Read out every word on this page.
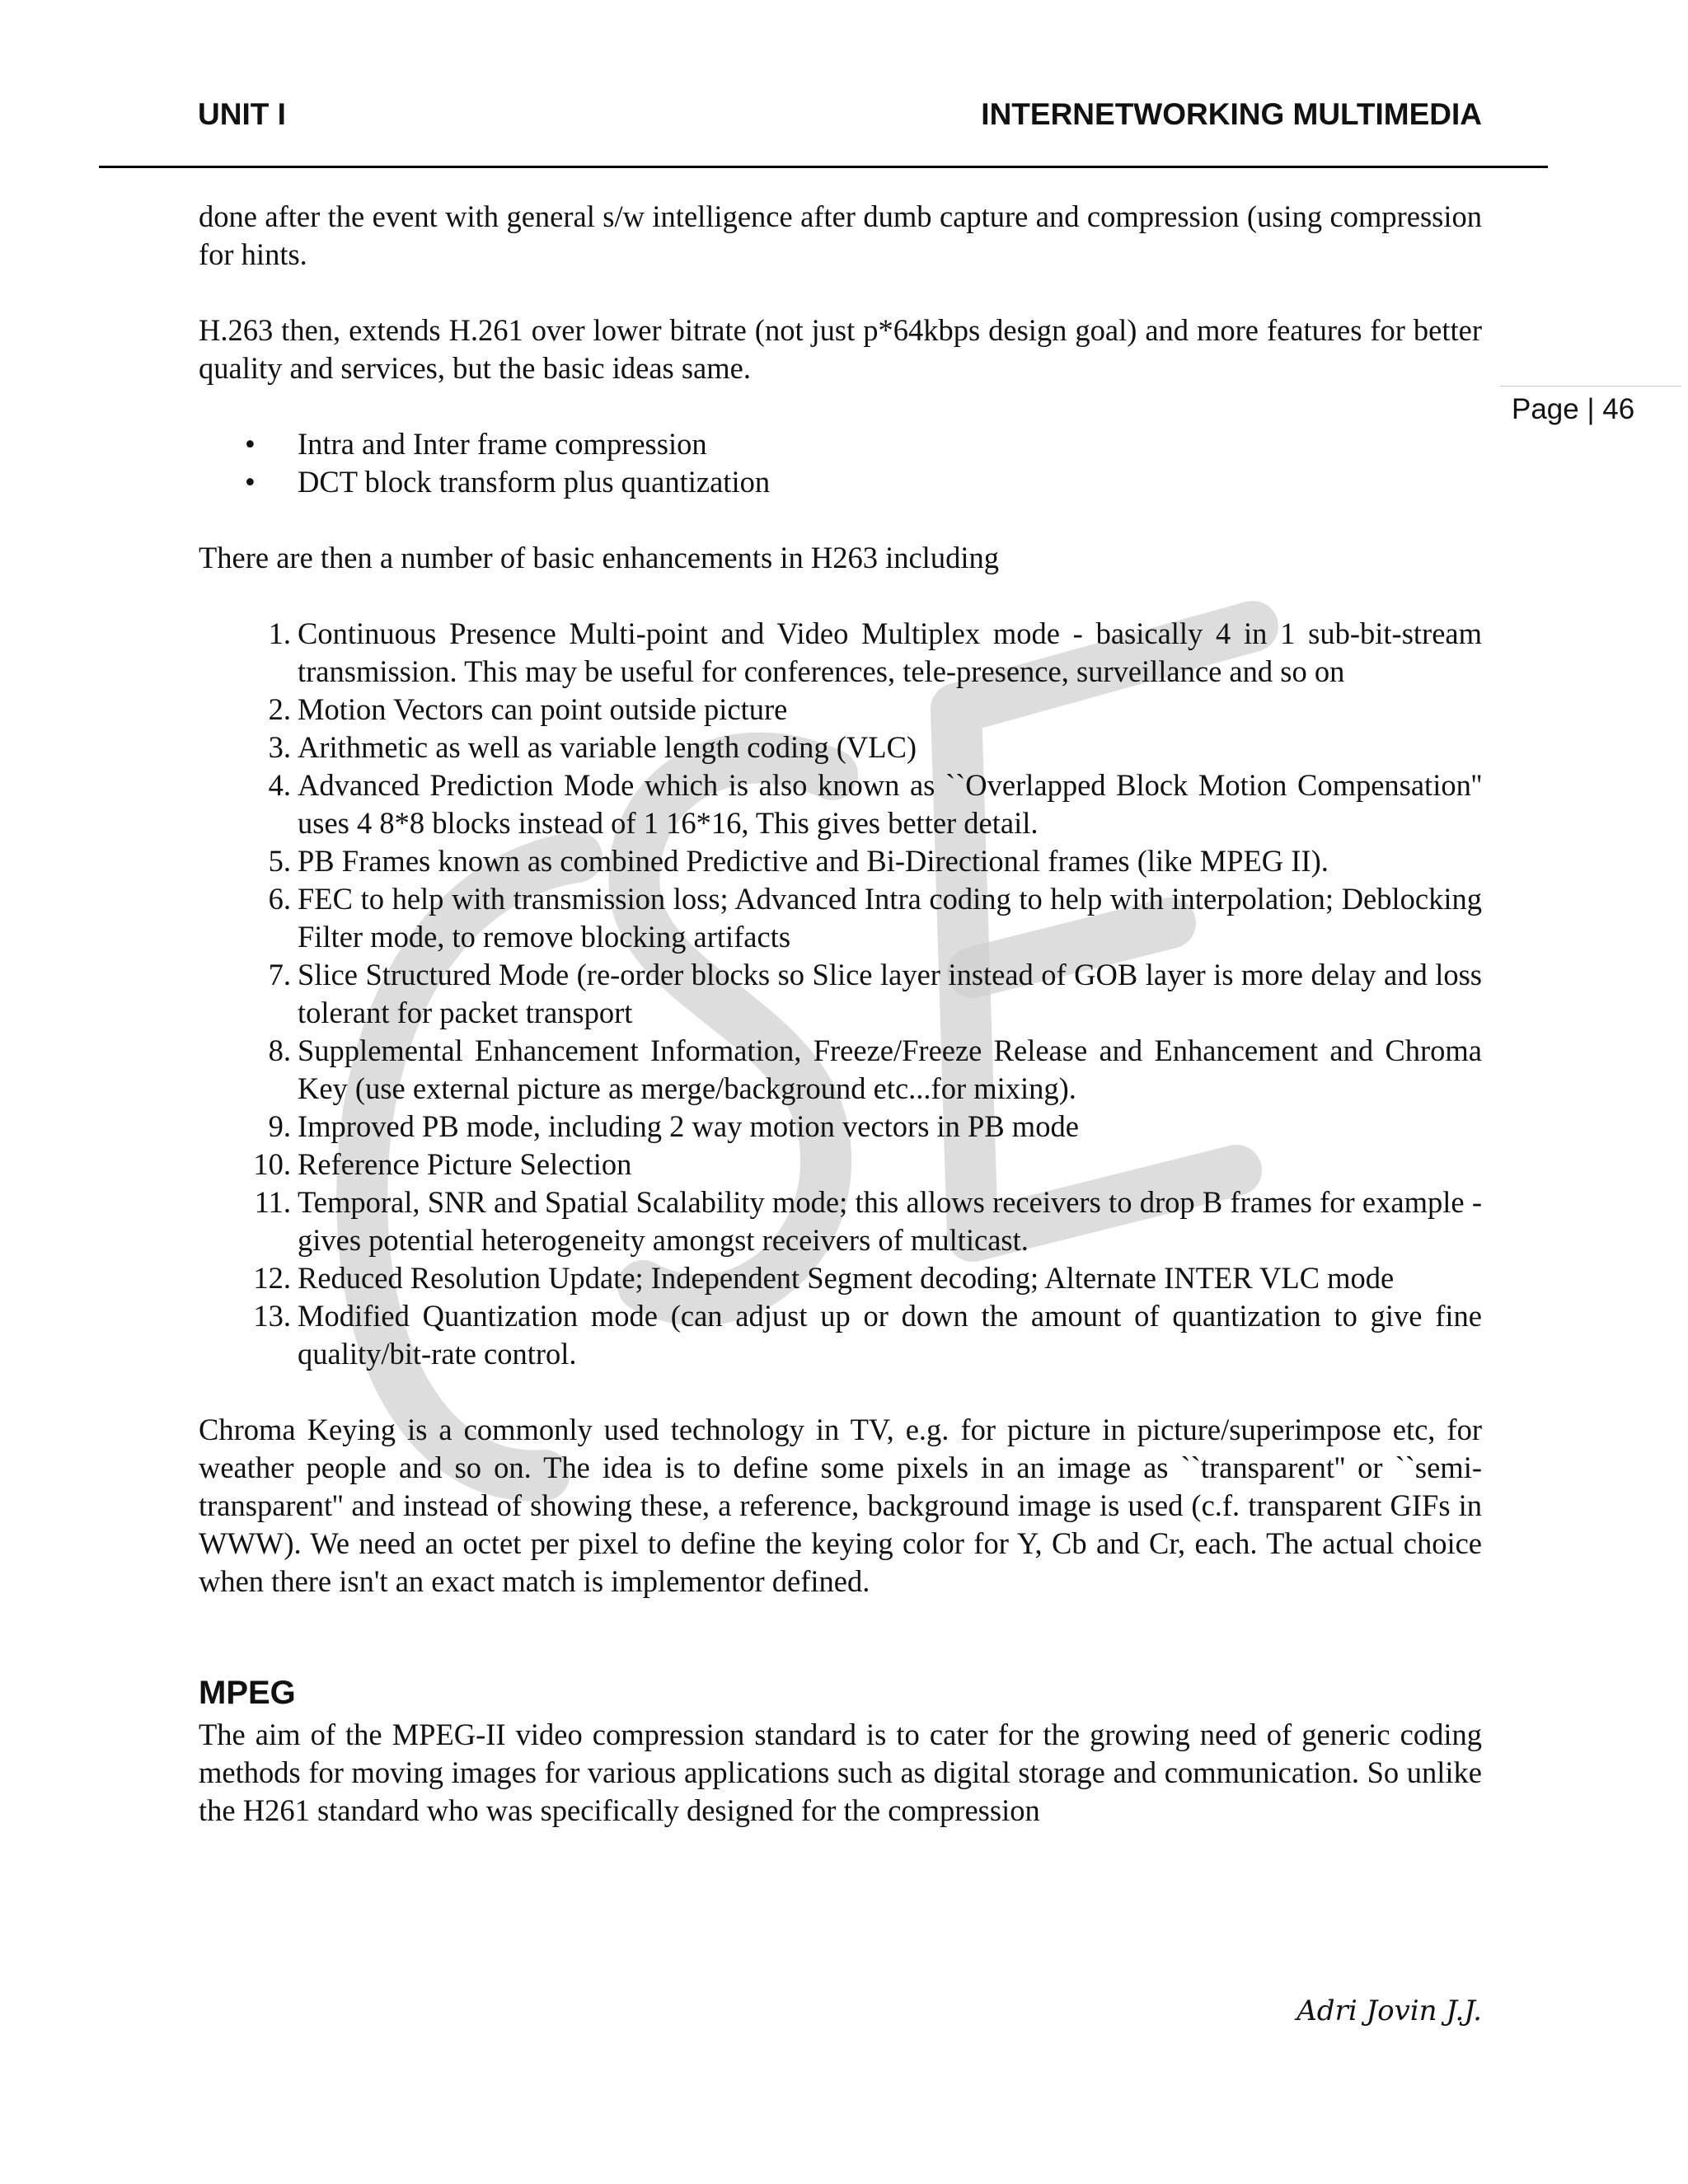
UNIT I	INTERNETWORKING MULTIMEDIA
Page | 46

done after the event with general s/w intelligence after dumb capture and compression (using compression for hints.

H.263 then, extends H.261 over lower bitrate (not just p*64kbps design goal) and more features for better quality and services, but the basic ideas same.

• Intra and Inter frame compression
• DCT block transform plus quantization

There are then a number of basic enhancements in H263 including

1. Continuous Presence Multi-point and Video Multiplex mode - basically 4 in 1 sub-bit-stream transmission. This may be useful for conferences, tele-presence, surveillance and so on
2. Motion Vectors can point outside picture
3. Arithmetic as well as variable length coding (VLC)
4. Advanced Prediction Mode which is also known as ``Overlapped Block Motion Compensation'' uses 4 8*8 blocks instead of 1 16*16, This gives better detail.
5. PB Frames known as combined Predictive and Bi-Directional frames (like MPEG II).
6. FEC to help with transmission loss; Advanced Intra coding to help with interpolation; Deblocking Filter mode, to remove blocking artifacts
7. Slice Structured Mode (re-order blocks so Slice layer instead of GOB layer is more delay and loss tolerant for packet transport
8. Supplemental Enhancement Information, Freeze/Freeze Release and Enhancement and Chroma Key (use external picture as merge/background etc...for mixing).
9. Improved PB mode, including 2 way motion vectors in PB mode
10. Reference Picture Selection
11. Temporal, SNR and Spatial Scalability mode; this allows receivers to drop B frames for example - gives potential heterogeneity amongst receivers of multicast.
12. Reduced Resolution Update; Independent Segment decoding; Alternate INTER VLC mode
13. Modified Quantization mode (can adjust up or down the amount of quantization to give fine quality/bit-rate control.

Chroma Keying is a commonly used technology in TV, e.g. for picture in picture/superimpose etc, for weather people and so on. The idea is to define some pixels in an image as ``transparent'' or ``semi-transparent'' and instead of showing these, a reference, background image is used (c.f. transparent GIFs in WWW). We need an octet per pixel to define the keying color for Y, Cb and Cr, each. The actual choice when there isn't an exact match is implementor defined.

MPEG

The aim of the MPEG-II video compression standard is to cater for the growing need of generic coding methods for moving images for various applications such as digital storage and communication. So unlike the H261 standard who was specifically designed for the compression

Adri Jovin J.J.
